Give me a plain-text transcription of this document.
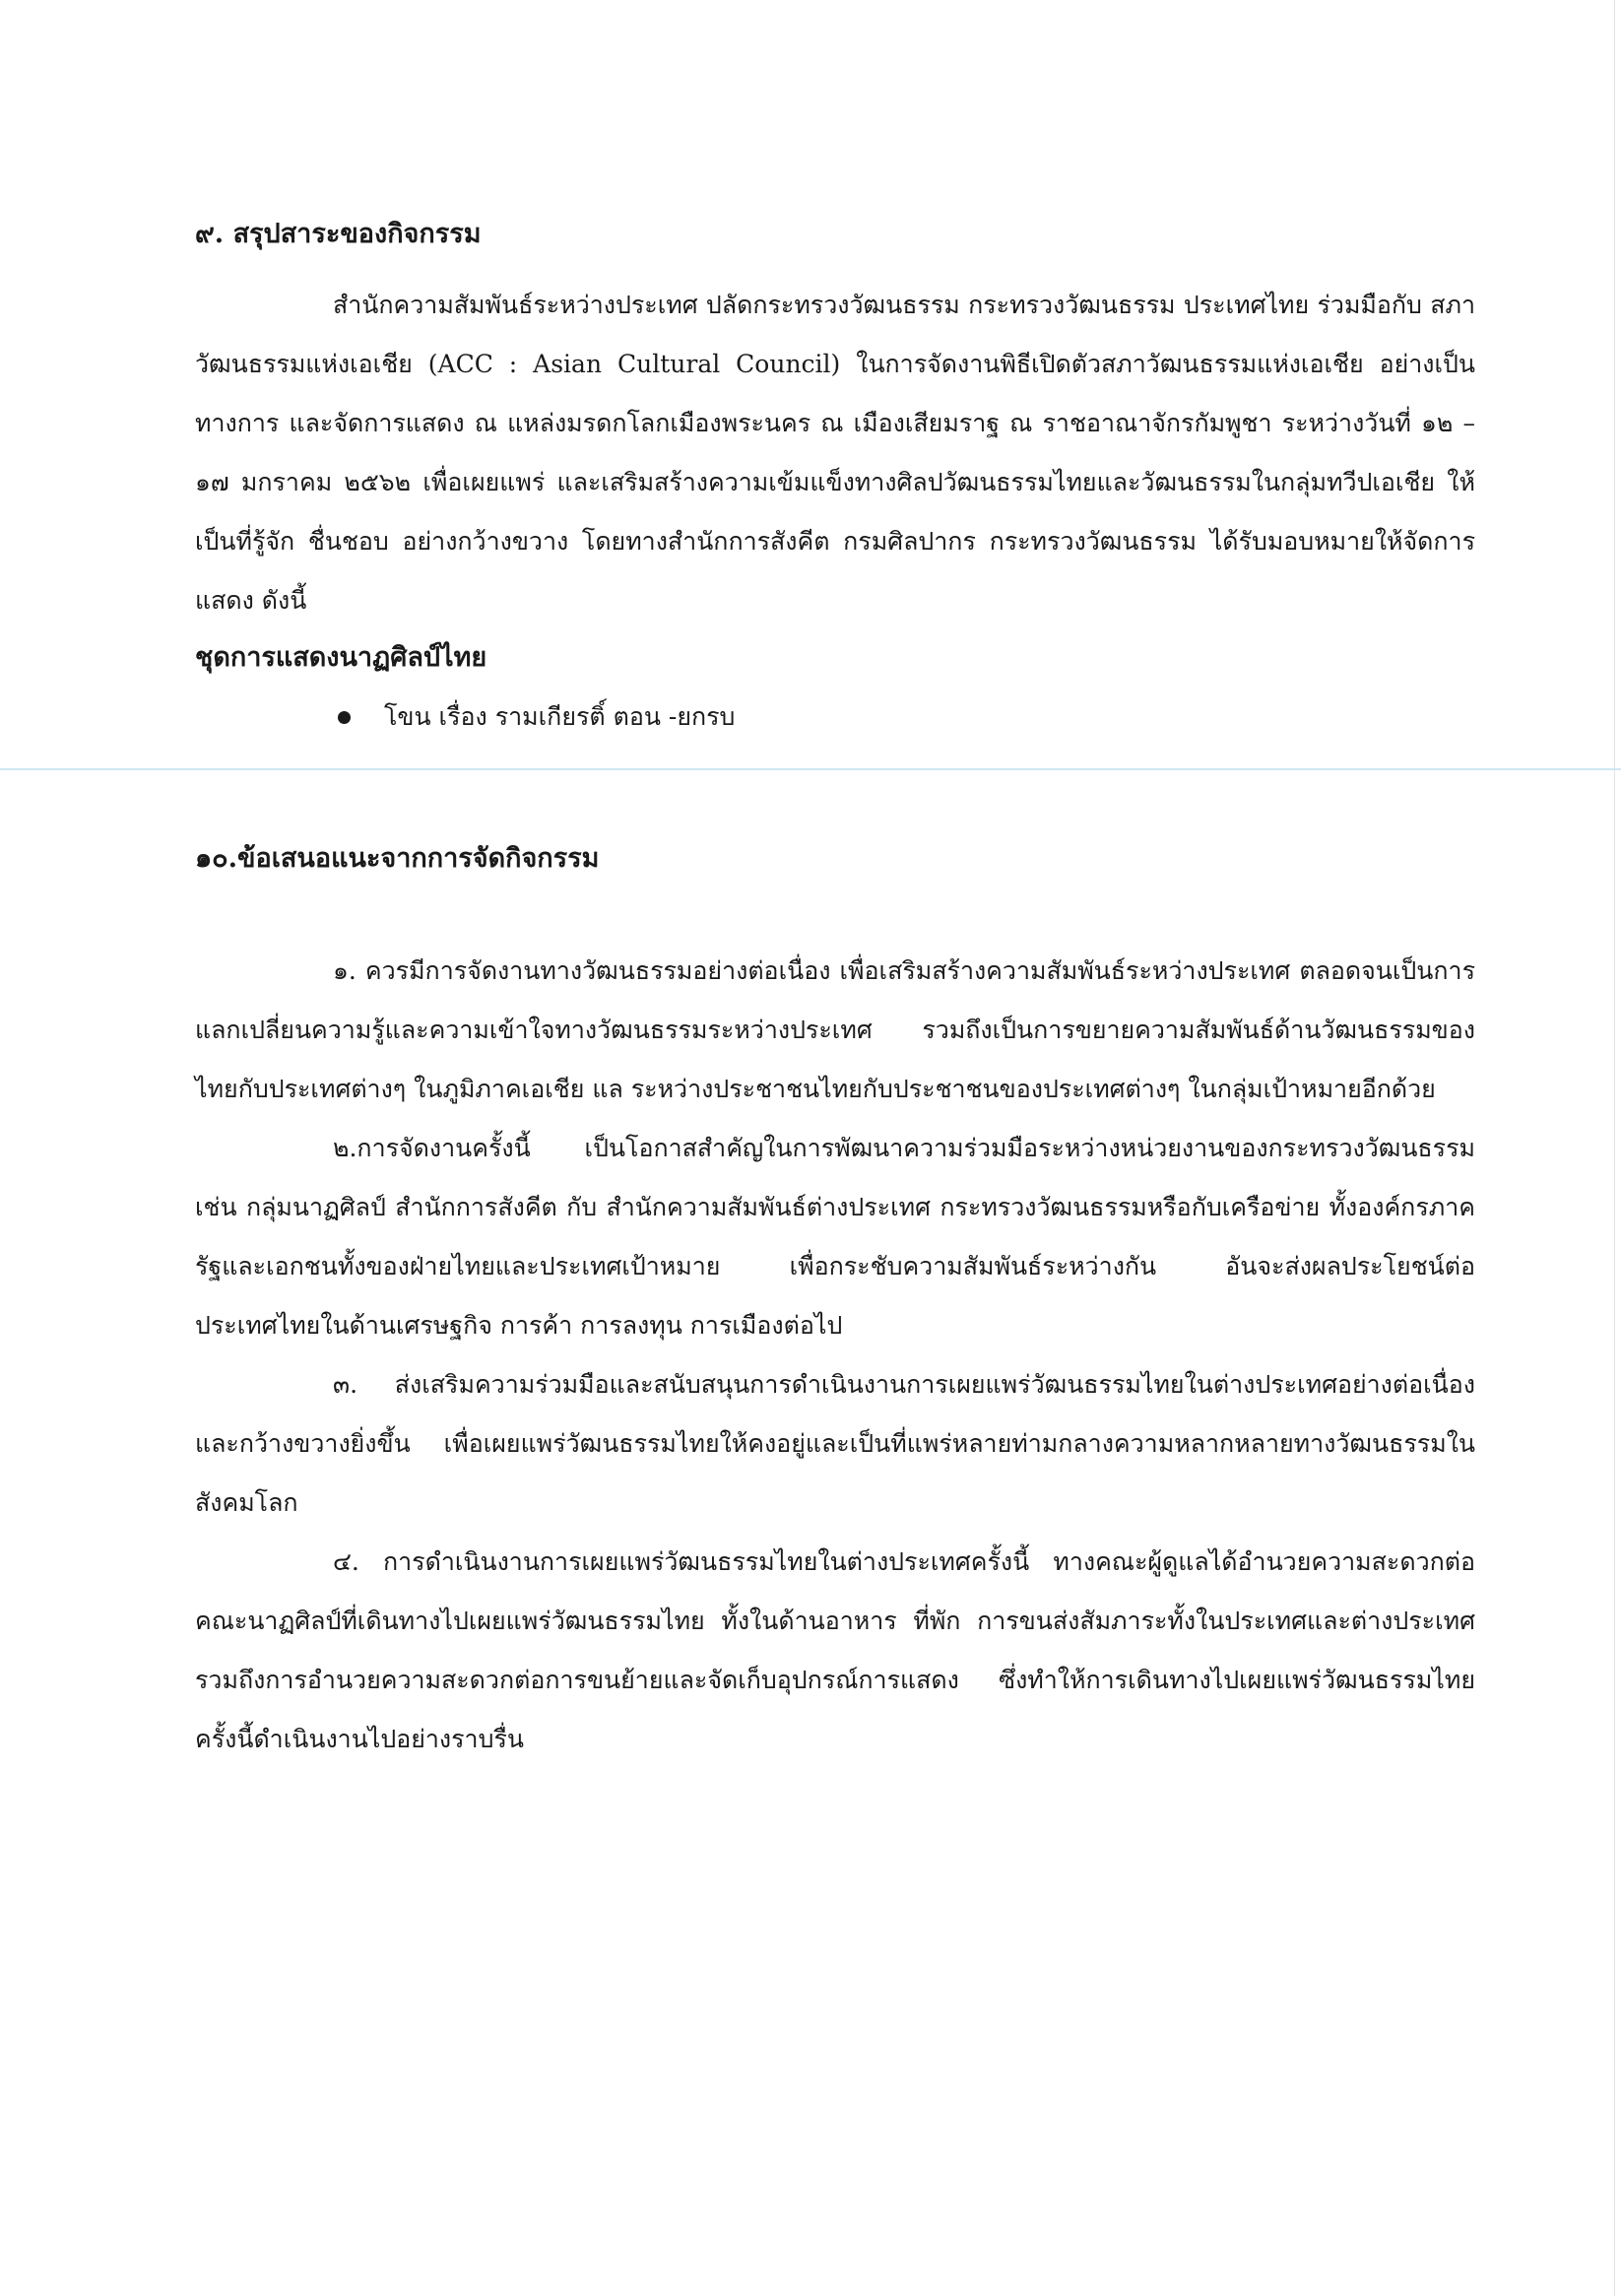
๙. สรุปสาระของกิจกรรม

สำนักความสัมพันธ์ระหว่างประเทศ ปลัดกระทรวงวัฒนธรรม กระทรวงวัฒนธรรม ประเทศไทย ร่วมมือกับ สภาวัฒนธรรมแห่งเอเชีย (ACC : Asian Cultural Council) ในการจัดงานพิธีเปิดตัวสภาวัฒนธรรมแห่งเอเชีย อย่างเป็นทางการ และจัดการแสดง ณ แหล่งมรดกโลกเมืองพระนคร ณ เมืองเสียมราฐ ณ ราชอาณาจักรกัมพูชา ระหว่างวันที่ ๑๒ – ๑๗ มกราคม ๒๕๖๒ เพื่อเผยแพร่ และเสริมสร้างความเข้มแข็งทางศิลปวัฒนธรรมไทยและวัฒนธรรมในกลุ่มทวีปเอเชีย ให้เป็นที่รู้จัก ชื่นชอบ อย่างกว้างขวาง โดยทางสำนักการสังคีต กรมศิลปากร กระทรวงวัฒนธรรม ได้รับมอบหมายให้จัดการแสดง ดังนี้

ชุดการแสดงนาฏศิลป์ไทย

โขน เรื่อง รามเกียรติ์ ตอน -ยกรบ

๑๐.ข้อเสนอแนะจากการจัดกิจกรรม

๑. ควรมีการจัดงานทางวัฒนธรรมอย่างต่อเนื่อง เพื่อเสริมสร้างความสัมพันธ์ระหว่างประเทศ ตลอดจนเป็นการแลกเปลี่ยนความรู้และความเข้าใจทางวัฒนธรรมระหว่างประเทศ รวมถึงเป็นการขยายความสัมพันธ์ด้านวัฒนธรรมของไทยกับประเทศต่างๆ ในภูมิภาคเอเชีย แล ระหว่างประชาชนไทยกับประชาชนของประเทศต่างๆ ในกลุ่มเป้าหมายอีกด้วย

๒.การจัดงานครั้งนี้ เป็นโอกาสสำคัญในการพัฒนาความร่วมมือระหว่างหน่วยงานของกระทรวงวัฒนธรรม เช่น กลุ่มนาฏศิลป์ สำนักการสังคีต กับ สำนักความสัมพันธ์ต่างประเทศ กระทรวงวัฒนธรรมหรือกับเครือข่าย ทั้งองค์กรภาครัฐและเอกชนทั้งของฝ่ายไทยและประเทศเป้าหมาย เพื่อกระชับความสัมพันธ์ระหว่างกัน อันจะส่งผลประโยชน์ต่อประเทศไทยในด้านเศรษฐกิจ การค้า การลงทุน การเมืองต่อไป

๓. ส่งเสริมความร่วมมือและสนับสนุนการดำเนินงานการเผยแพร่วัฒนธรรมไทยในต่างประเทศอย่างต่อเนื่องและกว้างขวางยิ่งขึ้น เพื่อเผยแพร่วัฒนธรรมไทยให้คงอยู่และเป็นที่แพร่หลายท่ามกลางความหลากหลายทางวัฒนธรรมในสังคมโลก

๔. การดำเนินงานการเผยแพร่วัฒนธรรมไทยในต่างประเทศครั้งนี้ ทางคณะผู้ดูแลได้อำนวยความสะดวกต่อคณะนาฏศิลป์ที่เดินทางไปเผยแพร่วัฒนธรรมไทย ทั้งในด้านอาหาร ที่พัก การขนส่งสัมภาระทั้งในประเทศและต่างประเทศ รวมถึงการอำนวยความสะดวกต่อการขนย้ายและจัดเก็บอุปกรณ์การแสดง ซึ่งทำให้การเดินทางไปเผยแพร่วัฒนธรรมไทยครั้งนี้ดำเนินงานไปอย่างราบรื่น
